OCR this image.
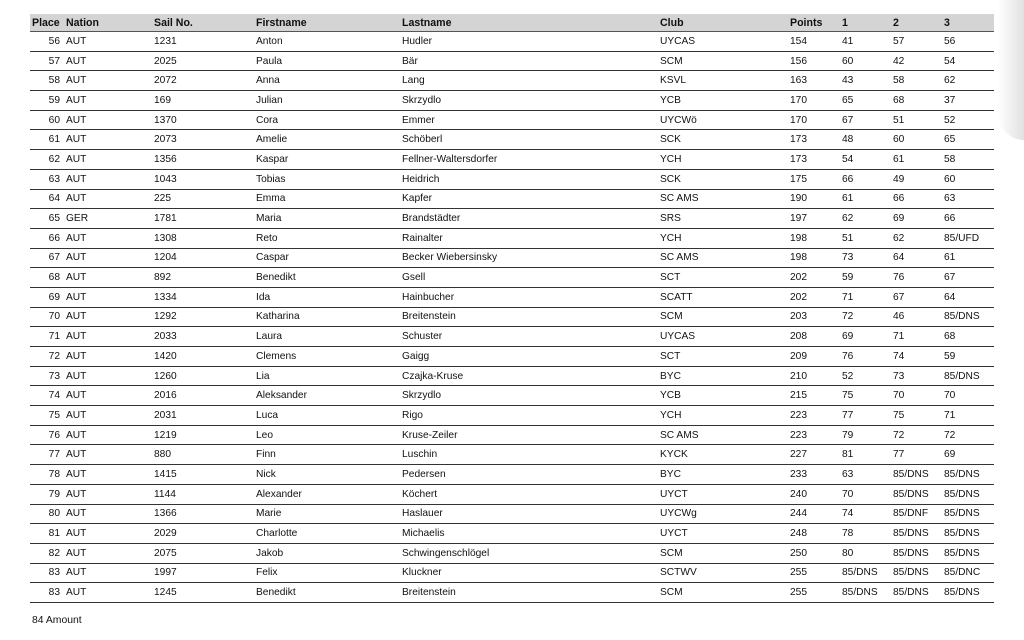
Place	Nation	Sail No.	Firstname	Lastname	Club	Points	1	2	3
56	AUT	1231	Anton	Hudler	UYCAS	154	41	57	56
57	AUT	2025	Paula	Bär	SCM	156	60	42	54
58	AUT	2072	Anna	Lang	KSVL	163	43	58	62
59	AUT	169	Julian	Skrzydlo	YCB	170	65	68	37
60	AUT	1370	Cora	Emmer	UYCWö	170	67	51	52
61	AUT	2073	Amelie	Schöberl	SCK	173	48	60	65
62	AUT	1356	Kaspar	Fellner-Waltersdorfer	YCH	173	54	61	58
63	AUT	1043	Tobias	Heidrich	SCK	175	66	49	60
64	AUT	225	Emma	Kapfer	SC AMS	190	61	66	63
65	GER	1781	Maria	Brandstädter	SRS	197	62	69	66
66	AUT	1308	Reto	Rainalter	YCH	198	51	62	85/UFD
67	AUT	1204	Caspar	Becker Wiebersinsky	SC AMS	198	73	64	61
68	AUT	892	Benedikt	Gsell	SCT	202	59	76	67
69	AUT	1334	Ida	Hainbucher	SCATT	202	71	67	64
70	AUT	1292	Katharina	Breitenstein	SCM	203	72	46	85/DNS
71	AUT	2033	Laura	Schuster	UYCAS	208	69	71	68
72	AUT	1420	Clemens	Gaigg	SCT	209	76	74	59
73	AUT	1260	Lia	Czajka-Kruse	BYC	210	52	73	85/DNS
74	AUT	2016	Aleksander	Skrzydlo	YCB	215	75	70	70
75	AUT	2031	Luca	Rigo	YCH	223	77	75	71
76	AUT	1219	Leo	Kruse-Zeiler	SC AMS	223	79	72	72
77	AUT	880	Finn	Luschin	KYCK	227	81	77	69
78	AUT	1415	Nick	Pedersen	BYC	233	63	85/DNS	85/DNS
79	AUT	1144	Alexander	Köchert	UYCT	240	70	85/DNS	85/DNS
80	AUT	1366	Marie	Haslauer	UYCWg	244	74	85/DNF	85/DNS
81	AUT	2029	Charlotte	Michaelis	UYCT	248	78	85/DNS	85/DNS
82	AUT	2075	Jakob	Schwingenschlögel	SCM	250	80	85/DNS	85/DNS
83	AUT	1997	Felix	Kluckner	SCTWV	255	85/DNS	85/DNS	85/DNC
83	AUT	1245	Benedikt	Breitenstein	SCM	255	85/DNS	85/DNS	85/DNS
84 Amount
